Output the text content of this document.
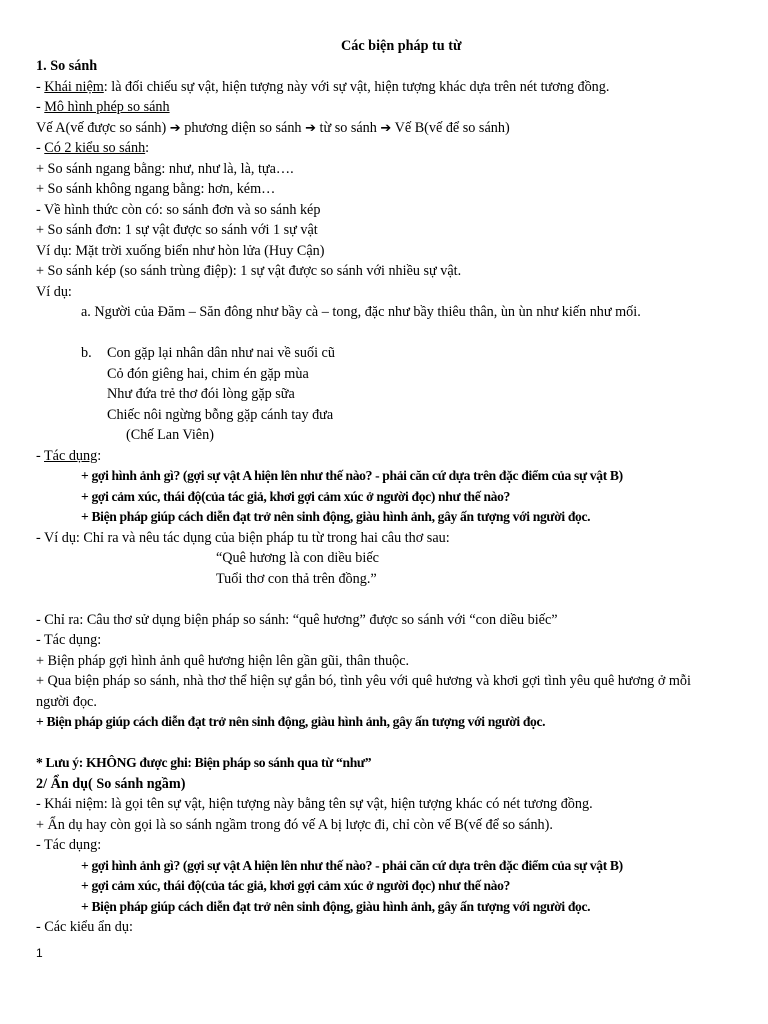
Các biện pháp tu từ
1. So sánh
- Khái niệm: là đối chiếu sự vật, hiện tượng này với sự vật, hiện tượng khác dựa trên nét tương đồng.
- Mô hình phép so sánh
Vế A(vế được so sánh) ➔ phương diện so sánh ➔ từ so sánh ➔ Vế B(vế để so sánh)
- Có 2 kiểu so sánh:
+ So sánh ngang bằng: như, như là, là, tựa….
+ So sánh không ngang bằng: hơn, kém…
- Về hình thức còn có: so sánh đơn và so sánh kép
+ So sánh đơn: 1 sự vật được so sánh với 1 sự vật
Ví dụ: Mặt trời xuống biển như hòn lửa (Huy Cận)
+ So sánh kép (so sánh trùng điệp): 1 sự vật được so sánh với nhiều sự vật.
Ví dụ:
a. Người của Đăm – Săn đông như bầy cà – tong, đặc như bầy thiêu thân, ùn ùn như kiến như mối.
b. Con gặp lại nhân dân như nai về suối cũ
Cỏ đón giêng hai, chim én gặp mùa
Như đứa trẻ thơ đói lòng gặp sữa
Chiếc nôi ngừng bỗng gặp cánh tay đưa
(Chế Lan Viên)
- Tác dụng:
+ gợi hình ảnh gì? (gợi sự vật A hiện lên như thế nào? - phải căn cứ dựa trên đặc điểm của sự vật B)
+ gợi cảm xúc, thái độ(của tác giả, khơi gợi cảm xúc ở người đọc) như thế nào?
+ Biện pháp giúp cách diễn đạt trở nên sinh động, giàu hình ảnh, gây ấn tượng với người đọc.
- Ví dụ: Chỉ ra và nêu tác dụng của biện pháp tu từ trong hai câu thơ sau:
“Quê hương là con diều biếc
Tuổi thơ con thả trên đồng.”
- Chỉ ra: Câu thơ sử dụng biện pháp so sánh: “quê hương” được so sánh với “con diều biếc”
- Tác dụng:
+ Biện pháp gợi hình ảnh quê hương hiện lên gần gũi, thân thuộc.
+ Qua biện pháp so sánh, nhà thơ thể hiện sự gắn bó, tình yêu với quê hương và khơi gợi tình yêu quê hương ở mỗi
người đọc.
+ Biện pháp giúp cách diễn đạt trở nên sinh động, giàu hình ảnh, gây ấn tượng với người đọc.
* Lưu ý: KHÔNG được ghi: Biện pháp so sánh qua từ “như”
2/ Ẩn dụ( So sánh ngầm)
- Khái niệm: là gọi tên sự vật, hiện tượng này bằng tên sự vật, hiện tượng khác có nét tương đồng.
+ Ẩn dụ hay còn gọi là so sánh ngầm trong đó vế A bị lược đi, chỉ còn vế B(vế để so sánh).
- Tác dụng:
+ gợi hình ảnh gì? (gợi sự vật A hiện lên như thế nào? - phải căn cứ dựa trên đặc điểm của sự vật B)
+ gợi cảm xúc, thái độ(của tác giả, khơi gợi cảm xúc ở người đọc) như thế nào?
+ Biện pháp giúp cách diễn đạt trở nên sinh động, giàu hình ảnh, gây ấn tượng với người đọc.
- Các kiểu ẩn dụ:
1
